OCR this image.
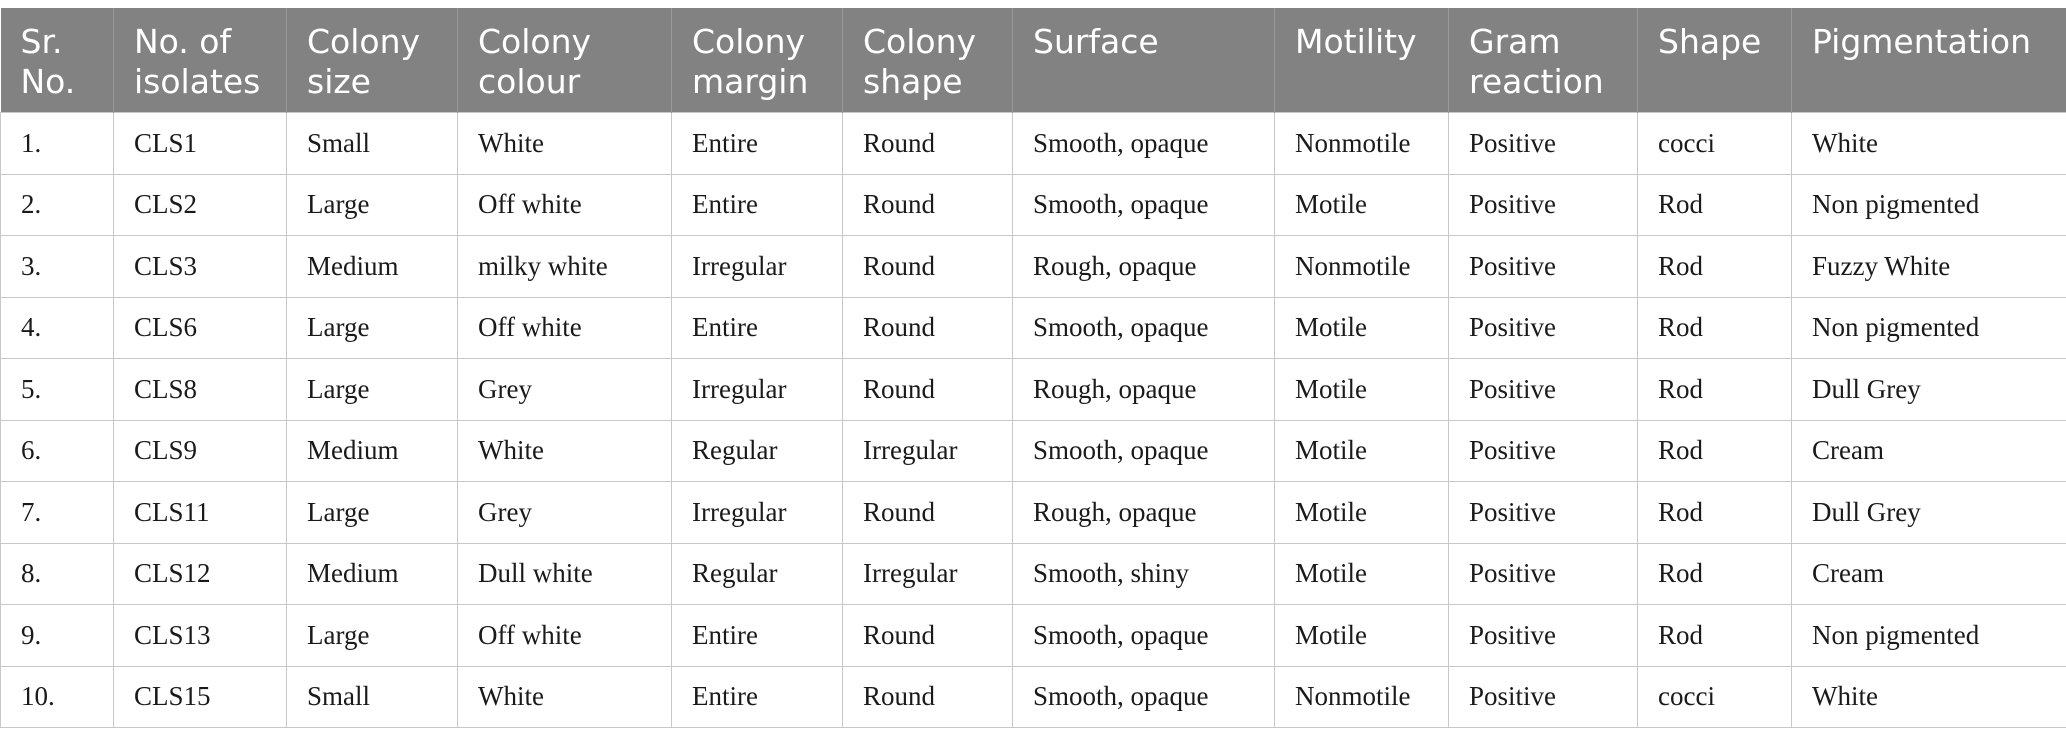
Sr. No.	No. of isolates	Colony size	Colony colour	Colony margin	Colony shape	Surface	Motility	Gram reaction	Shape	Pigmentation
1.	CLS1	Small	White	Entire	Round	Smooth, opaque	Nonmotile	Positive	cocci	White
2.	CLS2	Large	Off white	Entire	Round	Smooth, opaque	Motile	Positive	Rod	Non pigmented
3.	CLS3	Medium	milky white	Irregular	Round	Rough, opaque	Nonmotile	Positive	Rod	Fuzzy White
4.	CLS6	Large	Off white	Entire	Round	Smooth, opaque	Motile	Positive	Rod	Non pigmented
5.	CLS8	Large	Grey	Irregular	Round	Rough, opaque	Motile	Positive	Rod	Dull Grey
6.	CLS9	Medium	White	Regular	Irregular	Smooth, opaque	Motile	Positive	Rod	Cream
7.	CLS11	Large	Grey	Irregular	Round	Rough, opaque	Motile	Positive	Rod	Dull Grey
8.	CLS12	Medium	Dull white	Regular	Irregular	Smooth, shiny	Motile	Positive	Rod	Cream
9.	CLS13	Large	Off white	Entire	Round	Smooth, opaque	Motile	Positive	Rod	Non pigmented
10.	CLS15	Small	White	Entire	Round	Smooth, opaque	Nonmotile	Positive	cocci	White
